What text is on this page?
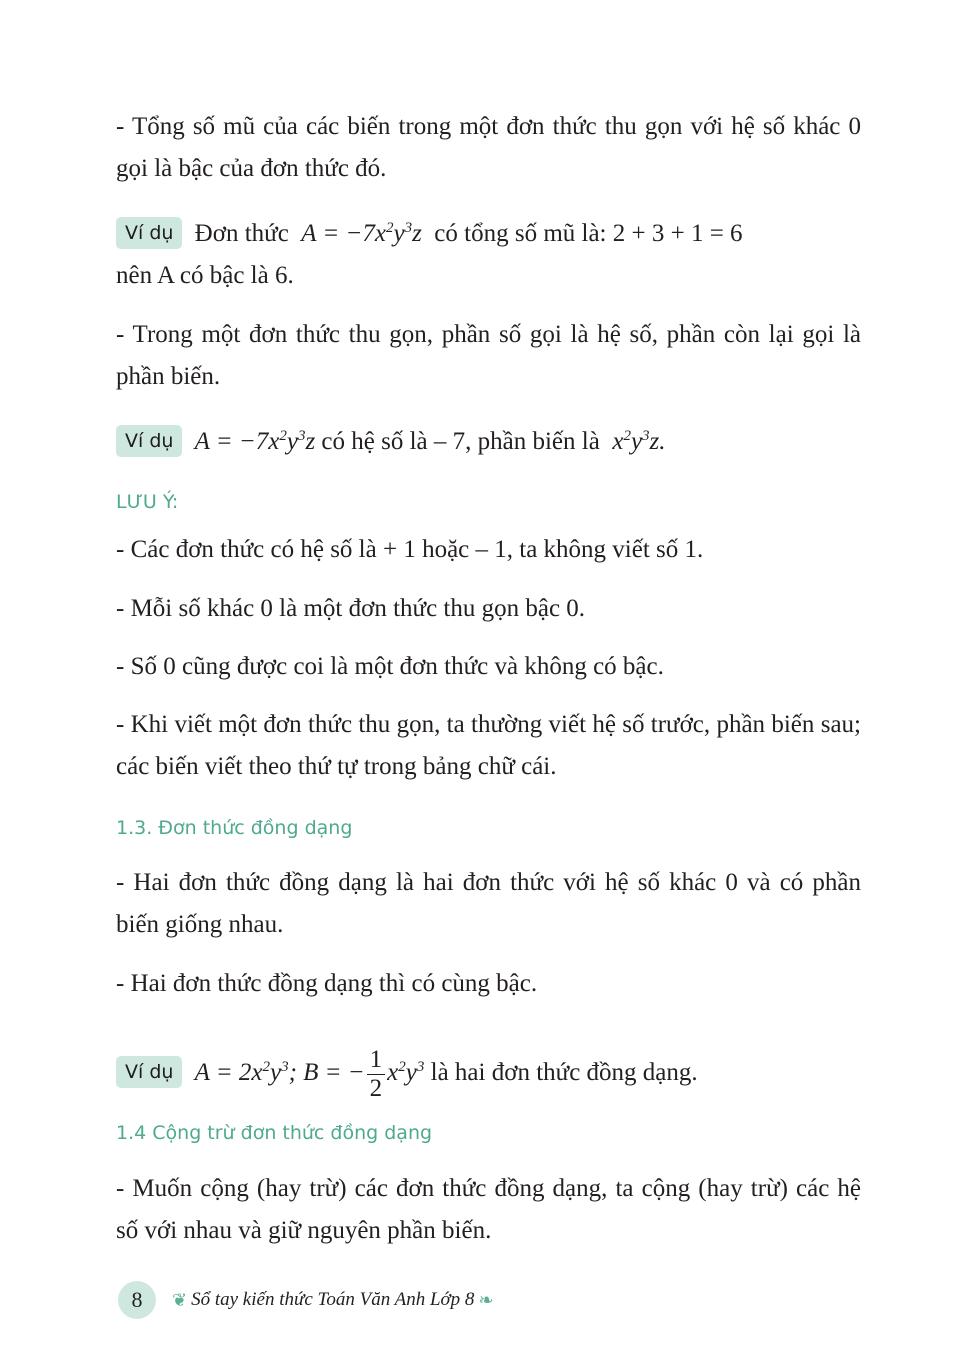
- Tổng số mũ của các biến trong một đơn thức thu gọn với hệ số khác 0 gọi là bậc của đơn thức đó.

Ví dụ Đơn thức $A = -7x^2y^3z$ có tổng số mũ là: 2 + 3 + 1 = 6
nên A có bậc là 6.

- Trong một đơn thức thu gọn, phần số gọi là hệ số, phần còn lại gọi là phần biến.

Ví dụ $A = -7x^2y^3z$ có hệ số là – 7, phần biến là $x^2y^3z$.

LƯU Ý:

- Các đơn thức có hệ số là + 1 hoặc – 1, ta không viết số 1.

- Mỗi số khác 0 là một đơn thức thu gọn bậc 0.

- Số 0 cũng được coi là một đơn thức và không có bậc.

- Khi viết một đơn thức thu gọn, ta thường viết hệ số trước, phần biến sau; các biến viết theo thứ tự trong bảng chữ cái.

1.3. Đơn thức đồng dạng

- Hai đơn thức đồng dạng là hai đơn thức với hệ số khác 0 và có phần biến giống nhau.

- Hai đơn thức đồng dạng thì có cùng bậc.

Ví dụ $A = 2x^2y^3$; B = − $\frac{1}{2} x^2y^3$ là hai đơn thức đồng dạng.

1.4 Cộng trừ đơn thức đồng dạng

- Muốn cộng (hay trừ) các đơn thức đồng dạng, ta cộng (hay trừ) các hệ số với nhau và giữ nguyên phần biến.

8	❦ Sổ tay kiến thức Toán Văn Anh Lớp 8 ❧
